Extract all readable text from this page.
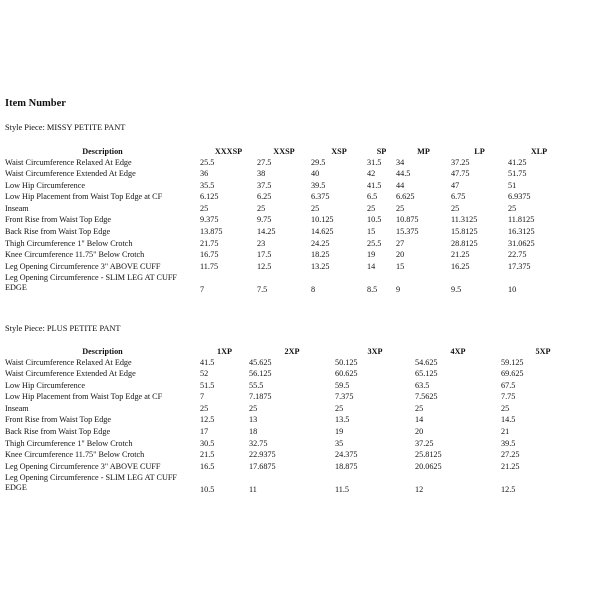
Item Number
Style Piece: MISSY PETITE PANT
Description	XXXSP	XXSP	XSP	SP	MP	LP	XLP
Waist Circumference Relaxed At Edge	25.5	27.5	29.5	31.5	34	37.25	41.25
Waist Circumference Extended At Edge	36	38	40	42	44.5	47.75	51.75
Low Hip Circumference	35.5	37.5	39.5	41.5	44	47	51
Low Hip Placement from Waist Top Edge at CF	6.125	6.25	6.375	6.5	6.625	6.75	6.9375
Inseam	25	25	25	25	25	25	25
Front Rise from Waist Top Edge	9.375	9.75	10.125	10.5	10.875	11.3125	11.8125
Back Rise from Waist Top Edge	13.875	14.25	14.625	15	15.375	15.8125	16.3125
Thigh Circumference 1" Below Crotch	21.75	23	24.25	25.5	27	28.8125	31.0625
Knee Circumference 11.75" Below Crotch	16.75	17.5	18.25	19	20	21.25	22.75
Leg Opening Circumference 3" ABOVE CUFF	11.75	12.5	13.25	14	15	16.25	17.375
Leg Opening Circumference - SLIM LEG AT CUFF EDGE	7	7.5	8	8.5	9	9.5	10
Style Piece: PLUS PETITE PANT
Description	1XP	2XP	3XP	4XP	5XP
Waist Circumference Relaxed At Edge	41.5	45.625	50.125	54.625	59.125
Waist Circumference Extended At Edge	52	56.125	60.625	65.125	69.625
Low Hip Circumference	51.5	55.5	59.5	63.5	67.5
Low Hip Placement from Waist Top Edge at CF	7	7.1875	7.375	7.5625	7.75
Inseam	25	25	25	25	25
Front Rise from Waist Top Edge	12.5	13	13.5	14	14.5
Back Rise from Waist Top Edge	17	18	19	20	21
Thigh Circumference 1" Below Crotch	30.5	32.75	35	37.25	39.5
Knee Circumference 11.75" Below Crotch	21.5	22.9375	24.375	25.8125	27.25
Leg Opening Circumference 3" ABOVE CUFF	16.5	17.6875	18.875	20.0625	21.25
Leg Opening Circumference - SLIM LEG AT CUFF EDGE	10.5	11	11.5	12	12.5
